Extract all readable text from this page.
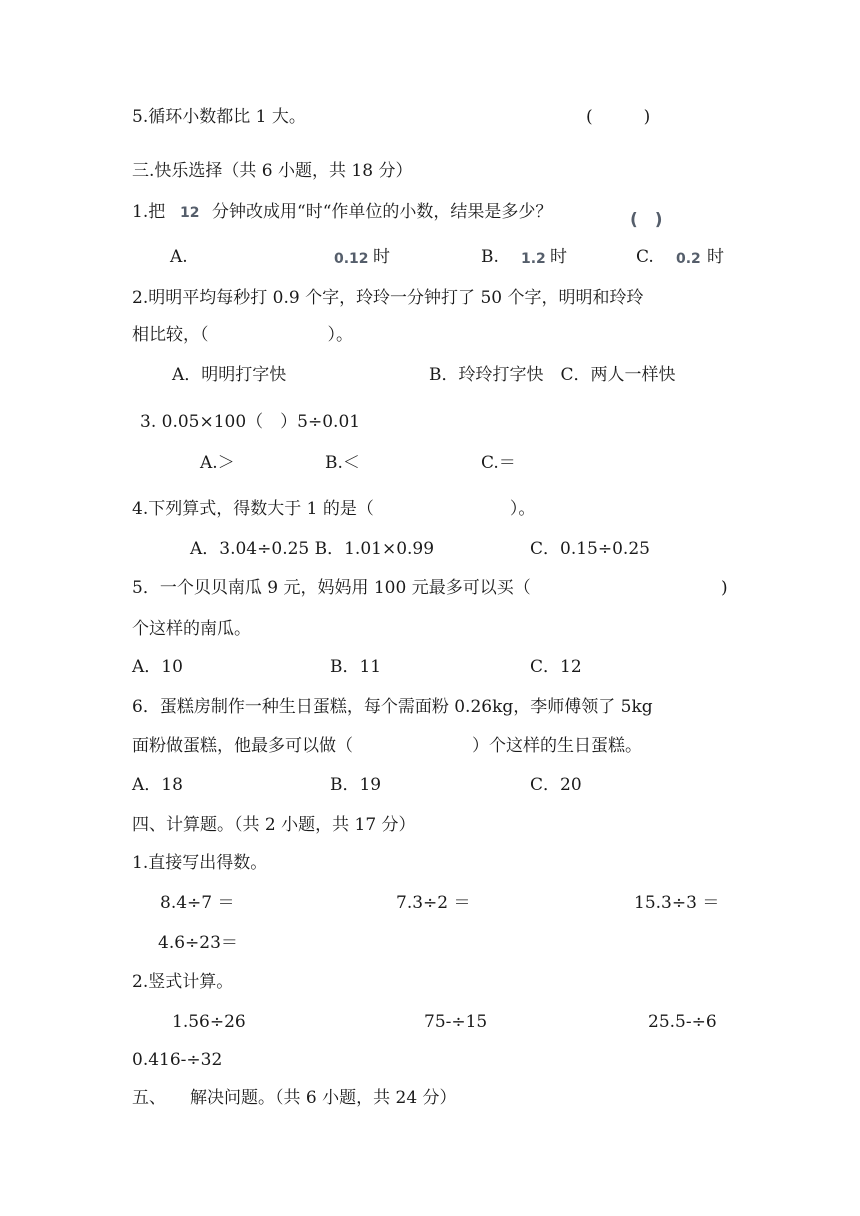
5.循环小数都比 1 大。	(　　　)
三.快乐选择（共 6 小题，共 18 分）
1.把 12 分钟改成用“时“作单位的小数，结果是多少？	(　)
A.	0.12 时	B. 1.2 时	C. 0.2 时
2.明明平均每秒打 0.9 个字，玲玲一分钟打了 50 个字，明明和玲玲
相比较，（　　　　　　　）。
A．明明打字快	B．玲玲打字快　C．两人一样快
3. 0.05×100（　）5÷0.01
A.＞	B.＜	C.＝
4.下列算式，得数大于 1 的是（　　　　　　　　）。
A．3.04÷0.25 B．1.01×0.99	C．0.15÷0.25
5．一个贝贝南瓜 9 元，妈妈用 100 元最多可以买（	)
个这样的南瓜。
A．10	B．11	C．12
6．蛋糕房制作一种生日蛋糕，每个需面粉 0.26kg，李师傅领了 5kg
面粉做蛋糕，他最多可以做（　　　　　　　）个这样的生日蛋糕。
A．18	B．19	C．20
四、计算题。（共 2 小题，共 17 分）
1.直接写出得数。
8.4÷7 ＝	7.3÷2 ＝	15.3÷3 ＝
4.6÷23＝
2.竖式计算。
1.56÷26	75-÷15	25.5-÷6
0.416-÷32
五、 解决问题。（共 6 小题，共 24 分）
